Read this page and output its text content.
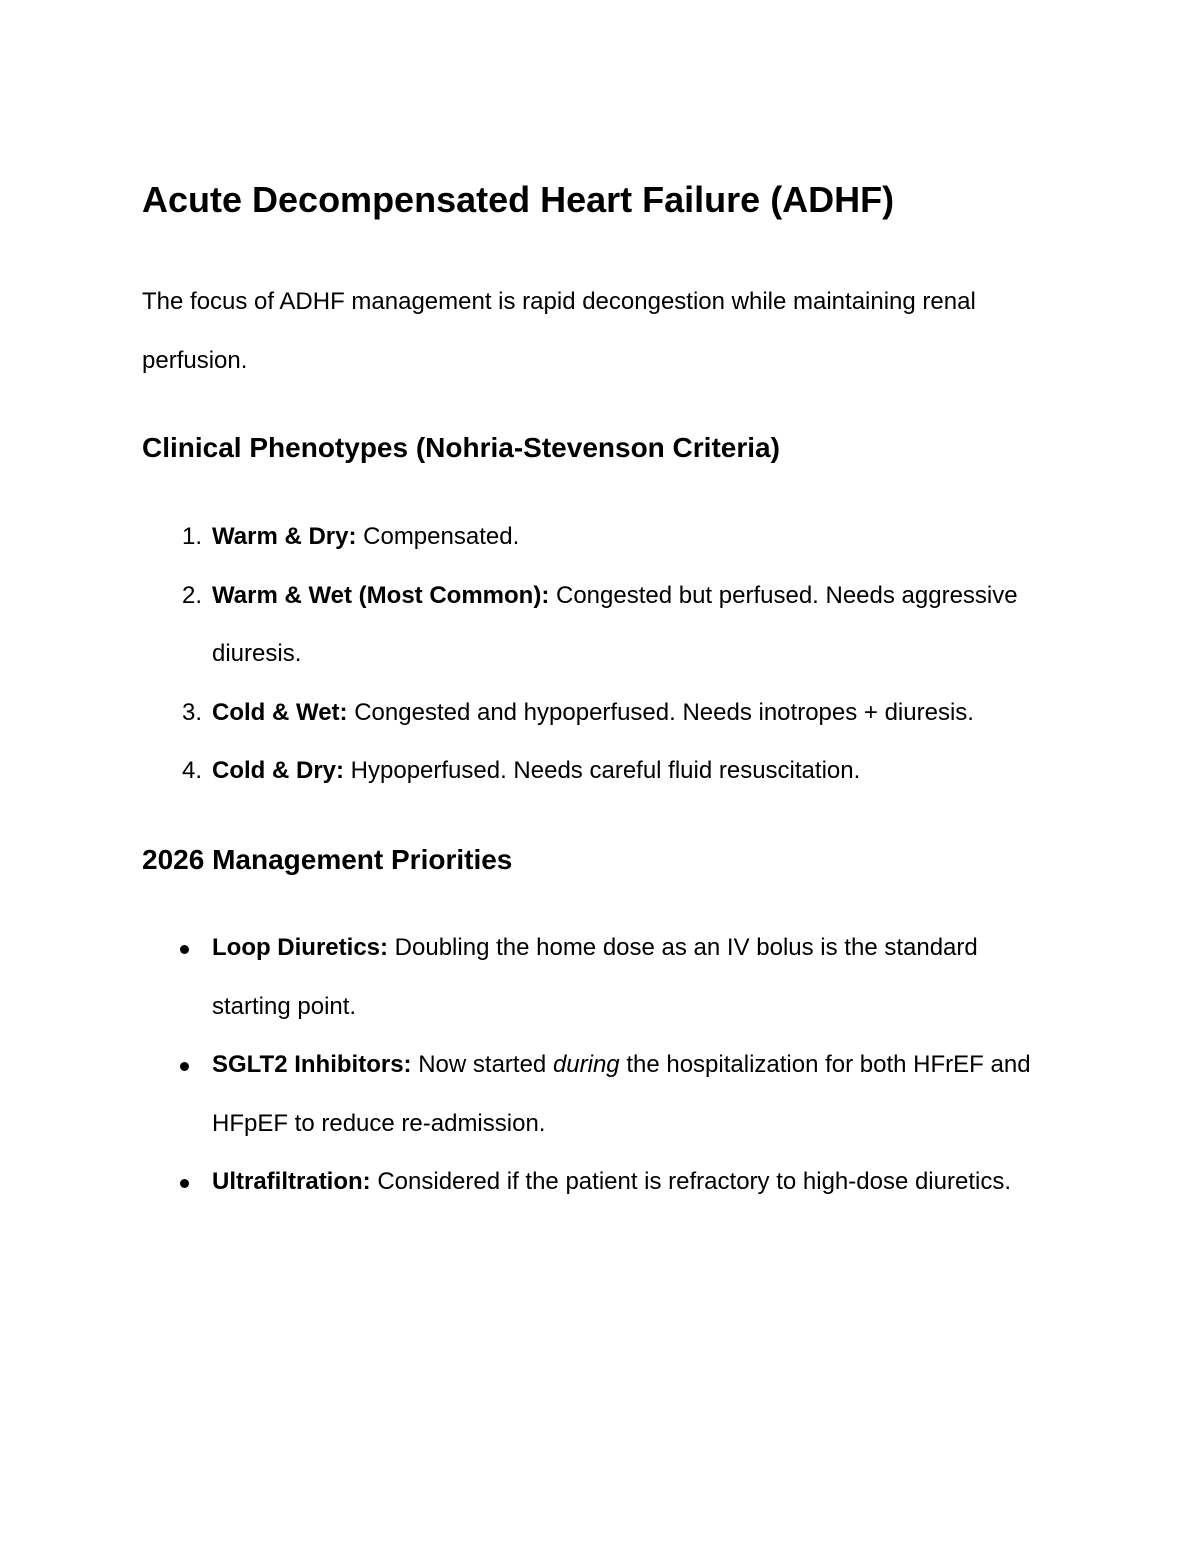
Acute Decompensated Heart Failure (ADHF)

The focus of ADHF management is rapid decongestion while maintaining renal perfusion.

Clinical Phenotypes (Nohria-Stevenson Criteria)
1. Warm & Dry: Compensated.
2. Warm & Wet (Most Common): Congested but perfused. Needs aggressive diuresis.
3. Cold & Wet: Congested and hypoperfused. Needs inotropes + diuresis.
4. Cold & Dry: Hypoperfused. Needs careful fluid resuscitation.
2026 Management Priorities
Loop Diuretics: Doubling the home dose as an IV bolus is the standard starting point.
SGLT2 Inhibitors: Now started during the hospitalization for both HFrEF and HFpEF to reduce re-admission.
Ultrafiltration: Considered if the patient is refractory to high-dose diuretics.
